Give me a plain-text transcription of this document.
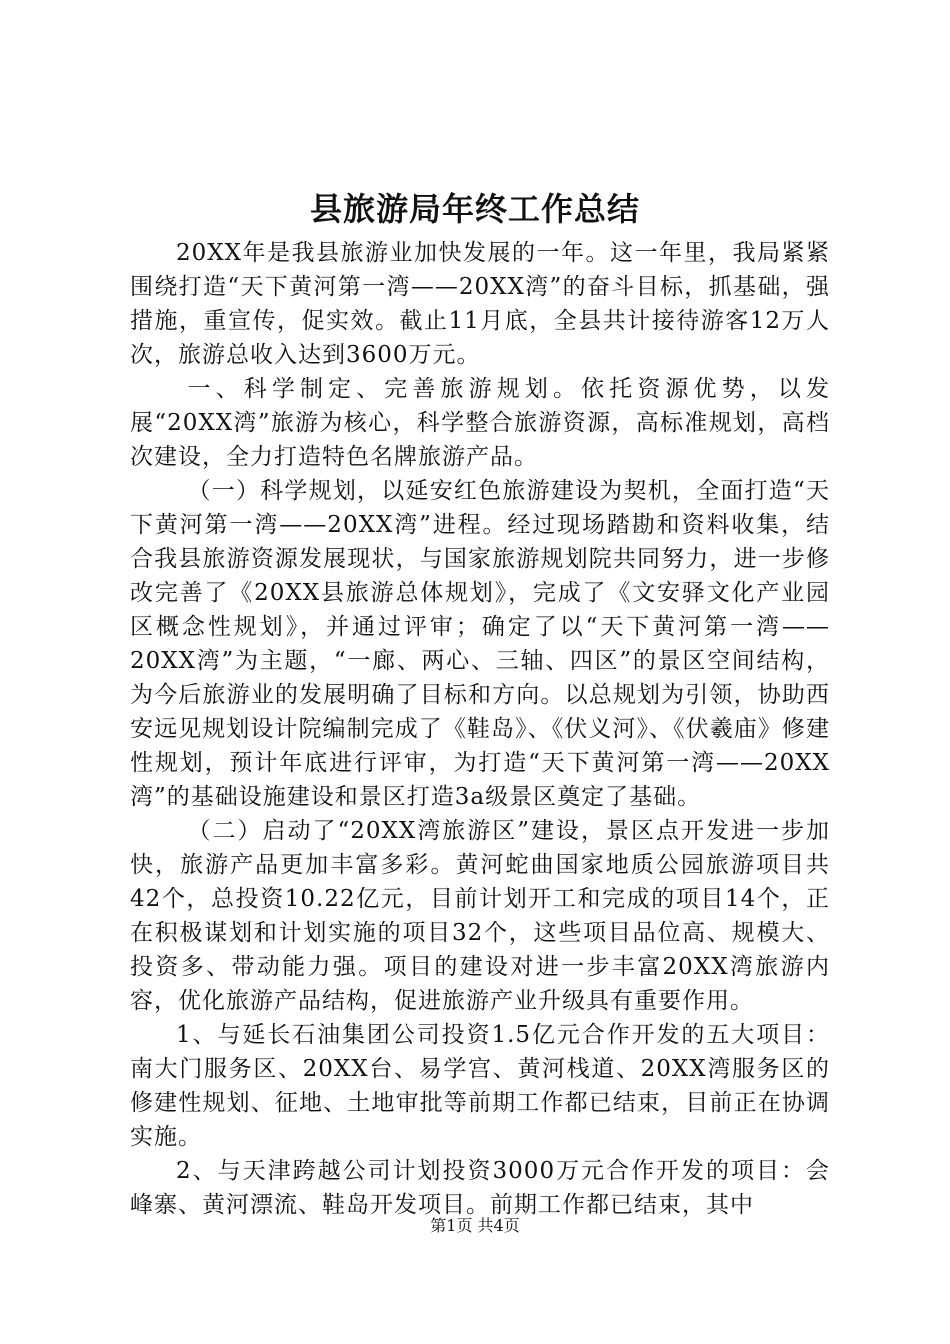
县旅游局年终工作总结

20XX年是我县旅游业加快发展的一年。这一年里，我局紧紧围绕打造“天下黄河第一湾——20XX湾”的奋斗目标，抓基础，强措施，重宣传，促实效。截止11月底，全县共计接待游客12万人次，旅游总收入达到3600万元。

一、科学制定、完善旅游规划。依托资源优势，以发展“20XX湾”旅游为核心，科学整合旅游资源，高标准规划，高档次建设，全力打造特色名牌旅游产品。

（一）科学规划，以延安红色旅游建设为契机，全面打造“天下黄河第一湾——20XX湾”进程。经过现场踏勘和资料收集，结合我县旅游资源发展现状，与国家旅游规划院共同努力，进一步修改完善了《20XX县旅游总体规划》，完成了《文安驿文化产业园区概念性规划》，并通过评审；确定了以“天下黄河第一湾——20XX湾”为主题，“一廊、两心、三轴、四区”的景区空间结构，为今后旅游业的发展明确了目标和方向。以总规划为引领，协助西安远见规划设计院编制完成了《鞋岛》、《伏义河》、《伏羲庙》修建性规划，预计年底进行评审，为打造“天下黄河第一湾——20XX湾”的基础设施建设和景区打造3a级景区奠定了基础。

（二）启动了“20XX湾旅游区”建设，景区点开发进一步加快，旅游产品更加丰富多彩。黄河蛇曲国家地质公园旅游项目共42个，总投资10.22亿元，目前计划开工和完成的项目14个，正在积极谋划和计划实施的项目32个，这些项目品位高、规模大、投资多、带动能力强。项目的建设对进一步丰富20XX湾旅游内容，优化旅游产品结构，促进旅游产业升级具有重要作用。

1、与延长石油集团公司投资1.5亿元合作开发的五大项目：南大门服务区、20XX台、易学宫、黄河栈道、20XX湾服务区的修建性规划、征地、土地审批等前期工作都已结束，目前正在协调实施。

2、与天津跨越公司计划投资3000万元合作开发的项目：会峰寨、黄河漂流、鞋岛开发项目。前期工作都已结束，其中

第1页 共4页
